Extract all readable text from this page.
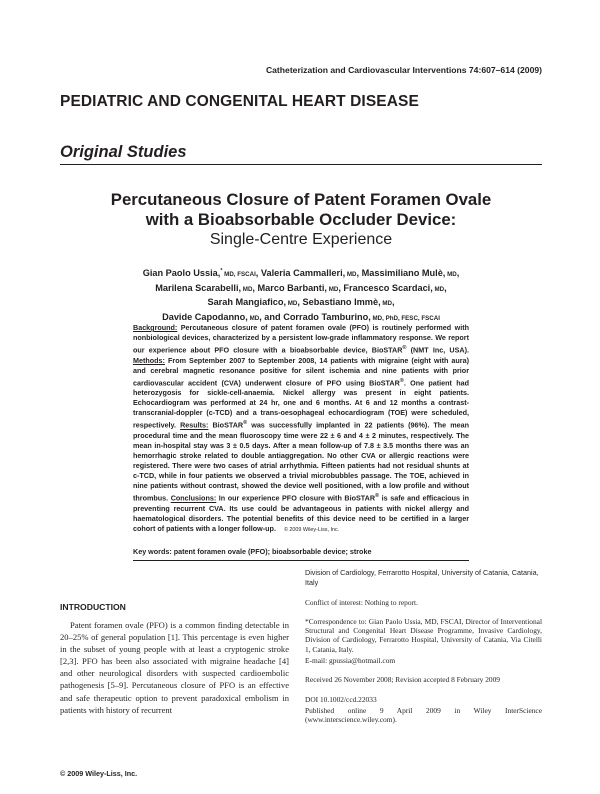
Catheterization and Cardiovascular Interventions 74:607–614 (2009)
PEDIATRIC AND CONGENITAL HEART DISEASE
Original Studies
Percutaneous Closure of Patent Foramen Ovale
with a Bioabsorbable Occluder Device:
Single-Centre Experience
Gian Paolo Ussia,* MD, FSCAI, Valeria Cammalleri, MD, Massimiliano Mulè, MD,
Marilena Scarabelli, MD, Marco Barbanti, MD, Francesco Scardaci, MD,
Sarah Mangiafico, MD, Sebastiano Immè, MD,
Davide Capodanno, MD, and Corrado Tamburino, MD, PhD, FESC, FSCAI

Background: Percutaneous closure of patent foramen ovale (PFO) is routinely performed with nonbiological devices, characterized by a persistent low-grade inflammatory response. We report our experience about PFO closure with a bioabsorbable device, BioSTAR® (NMT Inc, USA). Methods: From September 2007 to September 2008, 14 patients with migraine (eight with aura) and cerebral magnetic resonance positive for silent ischemia and nine patients with prior cardiovascular accident (CVA) underwent closure of PFO using BioSTAR®. One patient had heterozygosis for sickle-cell-anaemia. Nickel allergy was present in eight patients. Echocardiogram was performed at 24 hr, one and 6 months. At 6 and 12 months a contrast-transcranial-doppler (c-TCD) and a trans-oesophageal echocardiogram (TOE) were scheduled, respectively. Results: BioSTAR® was successfully implanted in 22 patients (96%). The mean procedural time and the mean fluoroscopy time were 22 ± 6 and 4 ± 2 minutes, respectively. The mean in-hospital stay was 3 ± 0.5 days. After a mean follow-up of 7.8 ± 3.5 months there was an hemorrhagic stroke related to double antiaggregation. No other CVA or allergic reactions were registered. There were two cases of atrial arrhythmia. Fifteen patients had not residual shunts at c-TCD, while in four patients we observed a trivial microbubbles passage. The TOE, achieved in nine patients without contrast, showed the device well positioned, with a low profile and without thrombus. Conclusions: In our experience PFO closure with BioSTAR® is safe and efficacious in preventing recurrent CVA. Its use could be advantageous in patients with nickel allergy and haematological disorders. The potential benefits of this device need to be certified in a larger cohort of patients with a longer follow-up. © 2009 Wiley-Liss, Inc.

Key words: patent foramen ovale (PFO); bioabsorbable device; stroke
INTRODUCTION

Patent foramen ovale (PFO) is a common finding detectable in 20–25% of general population [1]. This percentage is even higher in the subset of young people with at least a cryptogenic stroke [2,3]. PFO has been also associated with migraine headache [4] and other neurological disorders with suspected cardioembolic pathogenesis [5–9]. Percutaneous closure of PFO is an effective and safe therapeutic option to prevent paradoxical embolism in patients with history of recurrent

Division of Cardiology, Ferrarotto Hospital, University of Catania, Catania, Italy

Conflict of interest: Nothing to report.

*Correspondence to: Gian Paolo Ussia, MD, FSCAI, Director of Interventional Structural and Congenital Heart Disease Programme, Invasive Cardiology, Division of Cardiology, Ferrarotto Hospital, University of Catania, Via Citelli 1, Catania, Italy.

E-mail: gpussia@hotmail.com

Received 26 November 2008; Revision accepted 8 February 2009

DOI 10.1002/ccd.22033

Published online 9 April 2009 in Wiley InterScience (www.interscience.wiley.com).

© 2009 Wiley-Liss, Inc.
